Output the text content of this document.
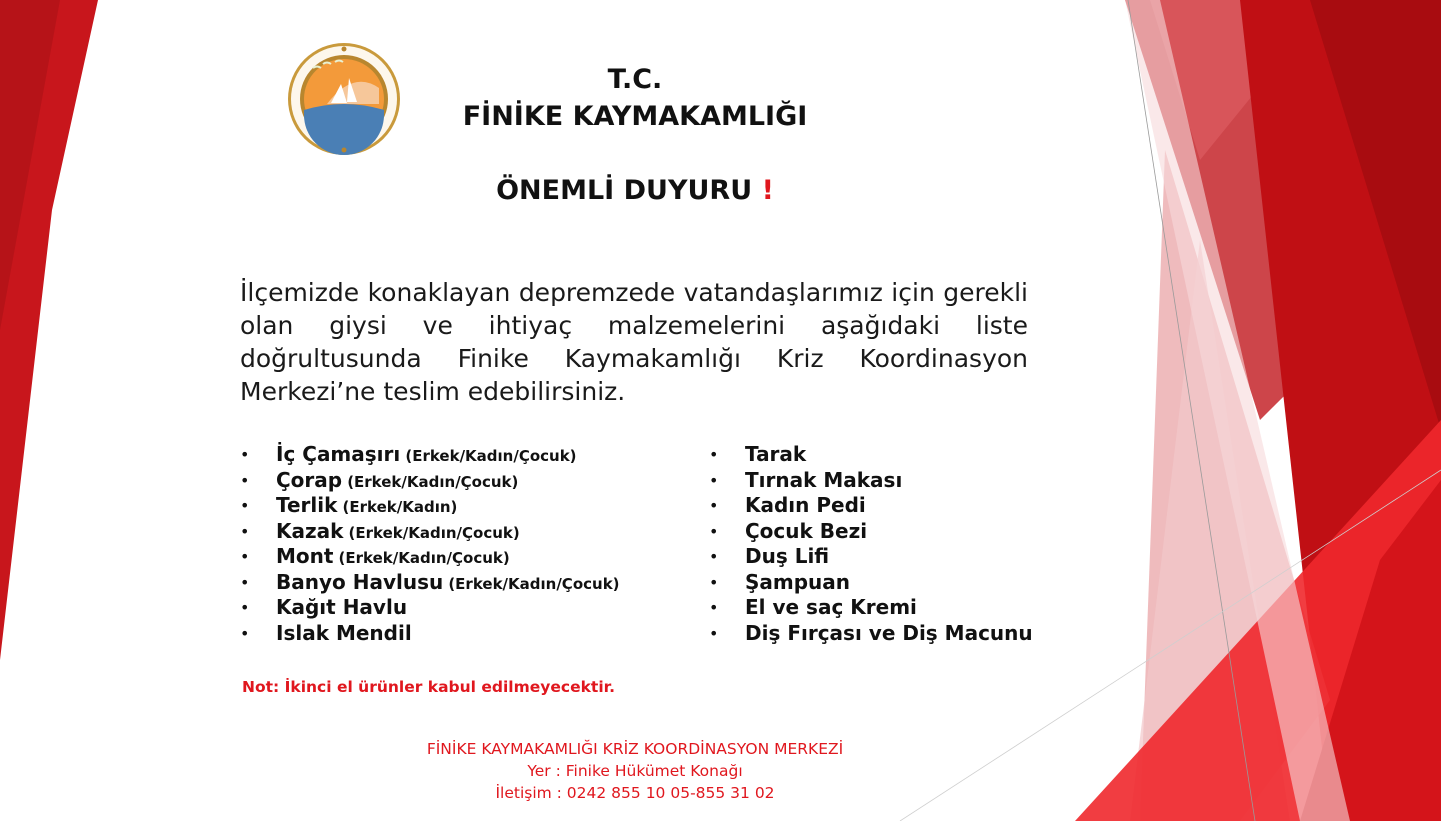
T.C.
FİNİKE KAYMAKAMLIĞI
ÖNEMLİ DUYURU !

İlçemizde konaklayan depremzede vatandaşlarımız için gerekli olan giysi ve ihtiyaç malzemelerini aşağıdaki liste doğrultusunda Finike Kaymakamlığı Kriz Koordinasyon Merkezi’ne teslim edebilirsiniz.

• İç Çamaşırı (Erkek/Kadın/Çocuk)
• Çorap (Erkek/Kadın/Çocuk)
• Terlik (Erkek/Kadın)
• Kazak (Erkek/Kadın/Çocuk)
• Mont (Erkek/Kadın/Çocuk)
• Banyo Havlusu (Erkek/Kadın/Çocuk)
• Kağıt Havlu
• Islak Mendil
• Tarak
• Tırnak Makası
• Kadın Pedi
• Çocuk Bezi
• Duş Lifi
• Şampuan
• El ve saç Kremi
• Diş Fırçası ve Diş Macunu

Not: İkinci el ürünler kabul edilmeyecektir.

FİNİKE KAYMAKAMLIĞI KRİZ KOORDİNASYON MERKEZİ
Yer : Finike Hükümet Konağı
İletişim : 0242 855 10 05-855 31 02
